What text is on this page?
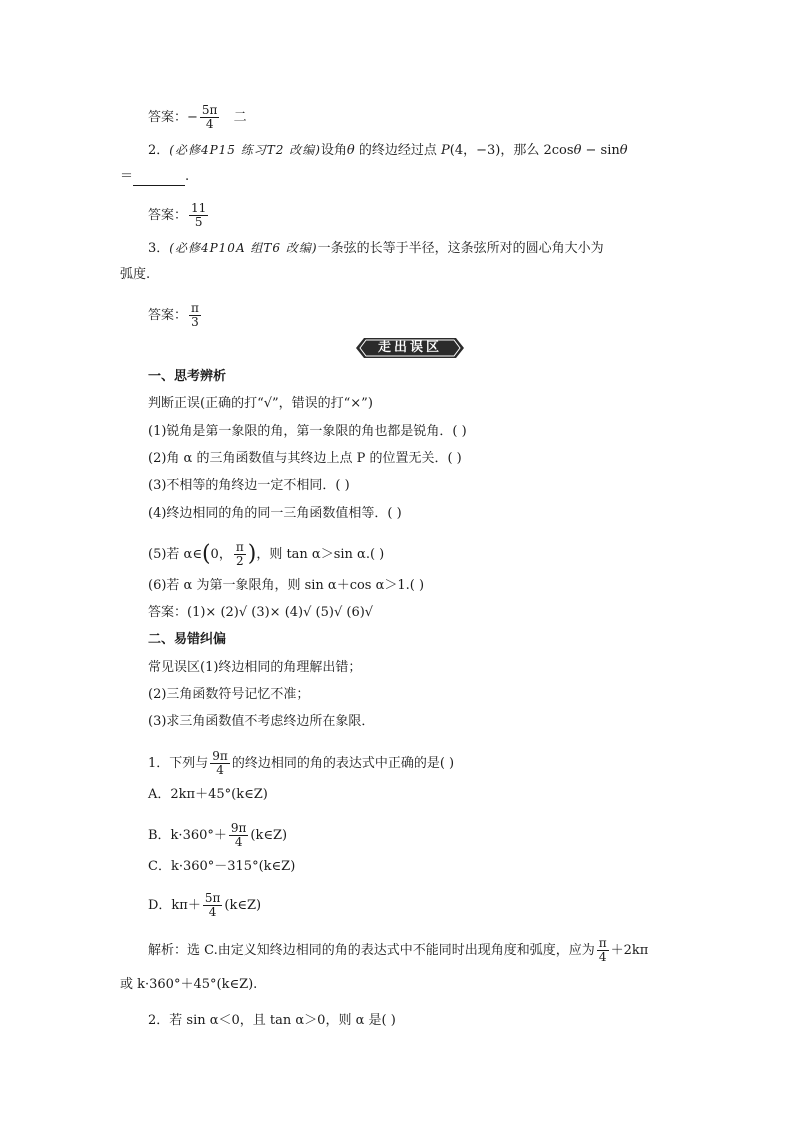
答案：− $\frac{5\pi}{4}$ 二
2．(必修4P15 练习T2 改编)设角θ 的终边经过点 P(4，−3)，那么 2cosθ − sinθ
＝	.
答案： $\frac{11}{5}$
3．(必修4P10A 组T6 改编)一条弦的长等于半径，这条弦所对的圆心角大小为
弧度.
答案： $\frac{\pi}{3}$
走出误区
一、思考辨析
判断正误(正确的打“√”，错误的打“×”)
(1)锐角是第一象限的角，第一象限的角也都是锐角．( )
(2)角 α 的三角函数值与其终边上点 P 的位置无关．( )
(3)不相等的角终边一定不相同．( )
(4)终边相同的角的同一三角函数值相等．( )
(5)若 α∈(0， $\frac{\pi}{2}$ )，则 tan α＞sin α.( )
(6)若 α 为第一象限角，则 sin α＋cos α＞1.( )
答案：(1)× (2)√ (3)× (4)√ (5)√ (6)√
二、易错纠偏
常见误区(1)终边相同的角理解出错；
(2)三角函数符号记忆不准；
(3)求三角函数值不考虑终边所在象限．
1．下列与 $\frac{9\pi}{4}$ 的终边相同的角的表达式中正确的是( )
A．2kπ＋45°(k∈Z)
B．$k\cdot 360^\circ+ \frac{9\pi}{4}$ (k∈Z)
C．k·360°－315°(k∈Z)
D．$k\pi+ \frac{5\pi}{4}$ (k∈Z)
解析：选 C.由定义知终边相同的角的表达式中不能同时出现角度和弧度，应为 $\frac{\pi}{4} +2k\pi$
或 k·360°＋45°(k∈Z).
2．若 sin α＜0，且 tan α＞0，则 α 是( )
